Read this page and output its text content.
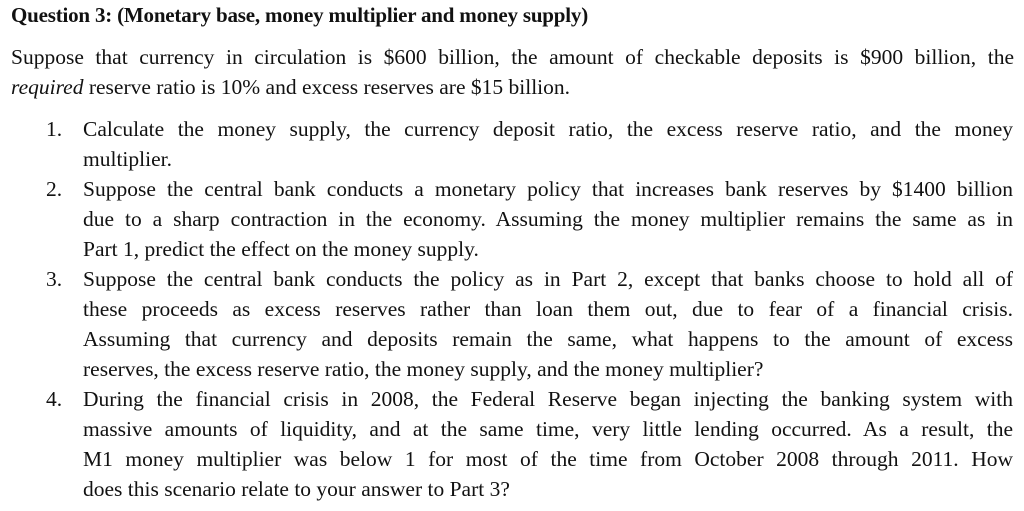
Question 3: (Monetary base, money multiplier and money supply)
Suppose that currency in circulation is $600 billion, the amount of checkable deposits is $900 billion, the
required reserve ratio is 10% and excess reserves are $15 billion.
1. Calculate the money supply, the currency deposit ratio, the excess reserve ratio, and the money
multiplier.
2. Suppose the central bank conducts a monetary policy that increases bank reserves by $1400 billion
due to a sharp contraction in the economy. Assuming the money multiplier remains the same as in
Part 1, predict the effect on the money supply.
3. Suppose the central bank conducts the policy as in Part 2, except that banks choose to hold all of
these proceeds as excess reserves rather than loan them out, due to fear of a financial crisis.
Assuming that currency and deposits remain the same, what happens to the amount of excess
reserves, the excess reserve ratio, the money supply, and the money multiplier?
4. During the financial crisis in 2008, the Federal Reserve began injecting the banking system with
massive amounts of liquidity, and at the same time, very little lending occurred. As a result, the
M1 money multiplier was below 1 for most of the time from October 2008 through 2011. How
does this scenario relate to your answer to Part 3?
